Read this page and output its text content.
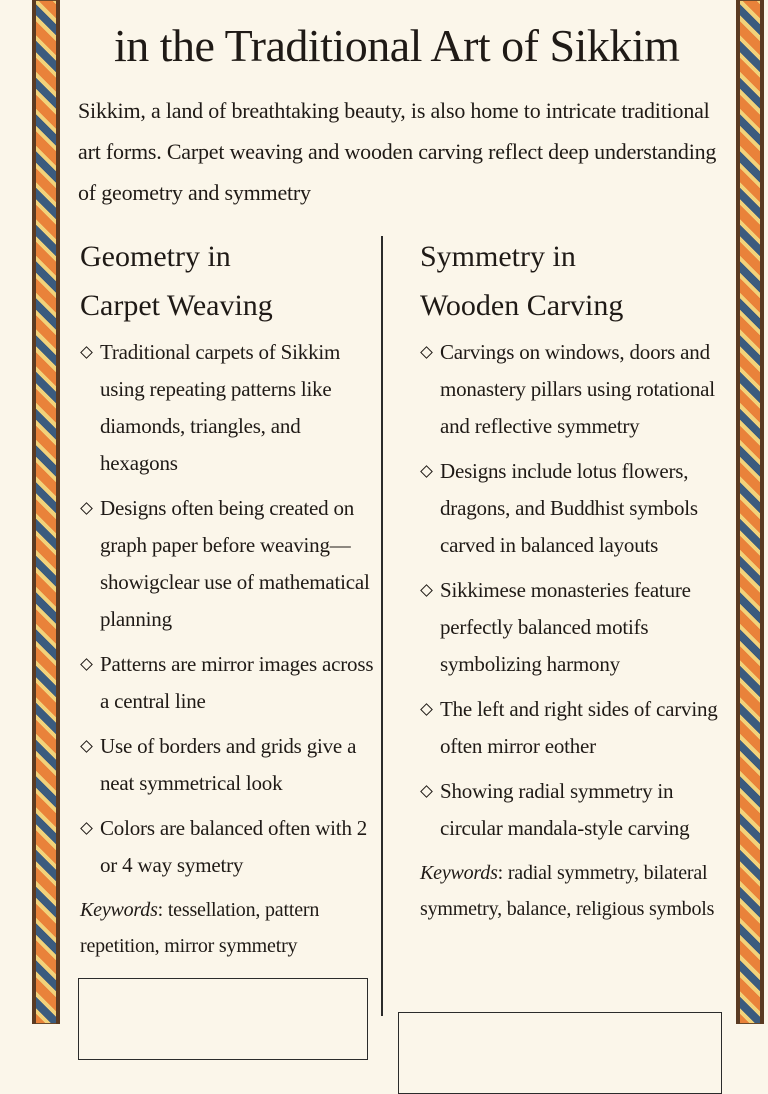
in the Traditional Art of Sikkim
Sikkim, a land of breathtaking beauty, is also home to intricate traditional art forms. Carpet weaving and wooden carving reflect deep understanding of geometry and symmetry
Geometry in
Carpet Weaving
Traditional carpets of Sikkim using repeating patterns like diamonds, triangles, and hexagons
Designs often being created on graph paper before weaving—showigclear use of mathematical planning
Patterns are mirror images across a central line
Use of borders and grids give a neat symmetrical look
Colors are balanced often with 2 or 4 way symetry
Keywords: tessellation, pattern repetition, mirror symmetry
Symmetry in
Wooden Carving
Carvings on windows, doors and monastery pillars using rotational and reflective symmetry
Designs include lotus flowers, dragons, and Buddhist symbols carved in balanced layouts
Sikkimese monasteries feature perfectly balanced motifs symbolizing harmony
The left and right sides of carving often mirror eother
Showing radial symmetry in circular mandala-style carving
Keywords: radial symmetry, bilateral symmetry, balance, religious symbols
